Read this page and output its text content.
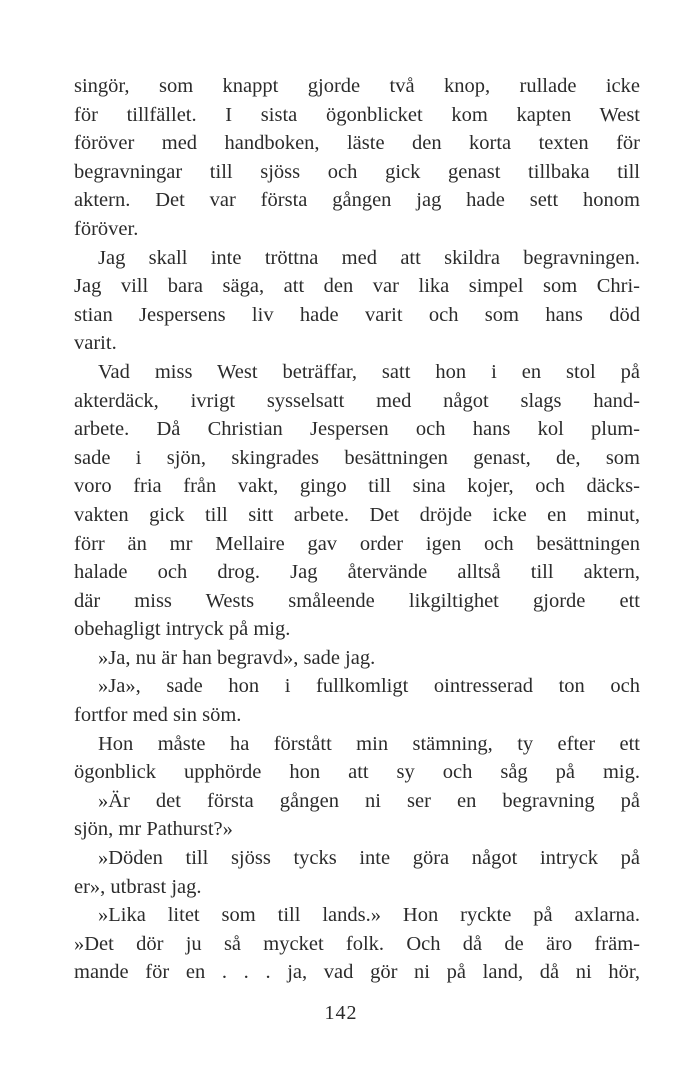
singör, som knappt gjorde två knop, rullade icke
för tillfället. I sista ögonblicket kom kapten West
föröver med handboken, läste den korta texten för
begravningar till sjöss och gick genast tillbaka till
aktern. Det var första gången jag hade sett honom
föröver.
Jag skall inte tröttna med att skildra begravningen.
Jag vill bara säga, att den var lika simpel som Chri-
stian Jespersens liv hade varit och som hans död
varit.
Vad miss West beträffar, satt hon i en stol på
akterdäck, ivrigt sysselsatt med något slags hand-
arbete. Då Christian Jespersen och hans kol plum-
sade i sjön, skingrades besättningen genast, de, som
voro fria från vakt, gingo till sina kojer, och däcks-
vakten gick till sitt arbete. Det dröjde icke en minut,
förr än mr Mellaire gav order igen och besättningen
halade och drog. Jag återvände alltså till aktern,
där miss Wests småleende likgiltighet gjorde ett
obehagligt intryck på mig.
»Ja, nu är han begravd», sade jag.
»Ja», sade hon i fullkomligt ointresserad ton och
fortfor med sin söm.
Hon måste ha förstått min stämning, ty efter ett
ögonblick upphörde hon att sy och såg på mig.
»Är det första gången ni ser en begravning på
sjön, mr Pathurst?»
»Döden till sjöss tycks inte göra något intryck på
er», utbrast jag.
»Lika litet som till lands.» Hon ryckte på axlarna.
»Det dör ju så mycket folk. Och då de äro främ-
mande för en . . . ja, vad gör ni på land, då ni hör,
142
